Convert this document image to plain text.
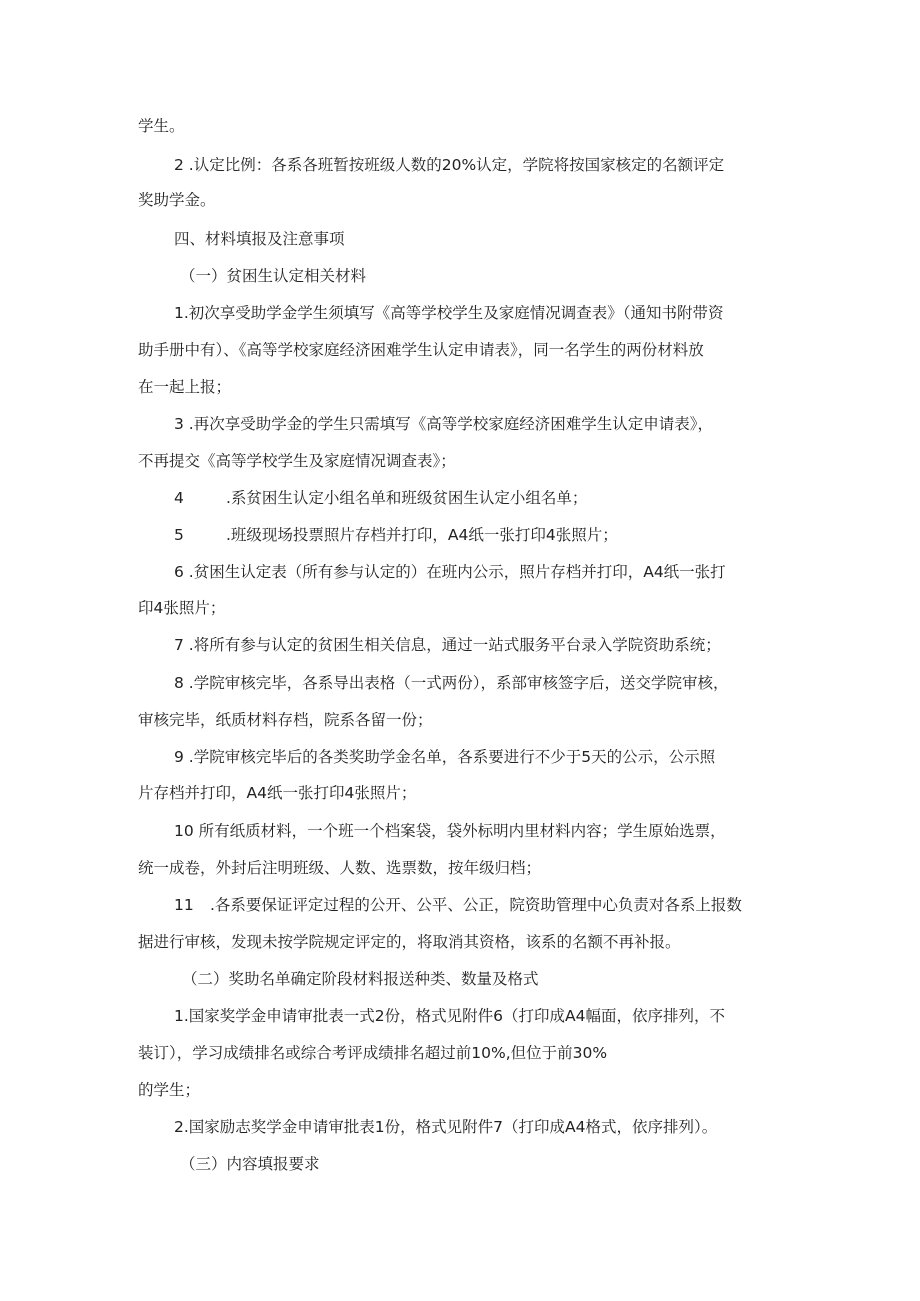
学生。
2 .认定比例：各系各班暂按班级人数的20%认定，学院将按国家核定的名额评定
奖助学金。
四、材料填报及注意事项
（一）贫困生认定相关材料
1.初次享受助学金学生须填写《高等学校学生及家庭情况调查表》（通知书附带资
助手册中有）、《高等学校家庭经济困难学生认定申请表》，同一名学生的两份材料放
在一起上报；
3 .再次享受助学金的学生只需填写《高等学校家庭经济困难学生认定申请表》，
不再提交《高等学校学生及家庭情况调查表》；
4	.系贫困生认定小组名单和班级贫困生认定小组名单；
5	.班级现场投票照片存档并打印，A4纸一张打印4张照片；
6 .贫困生认定表（所有参与认定的）在班内公示，照片存档并打印，A4纸一张打
印4张照片；
7 .将所有参与认定的贫困生相关信息，通过一站式服务平台录入学院资助系统；
8 .学院审核完毕，各系导出表格（一式两份），系部审核签字后，送交学院审核，
审核完毕，纸质材料存档，院系各留一份；
9 .学院审核完毕后的各类奖助学金名单，各系要进行不少于5天的公示，公示照
片存档并打印，A4纸一张打印4张照片；
10 所有纸质材料，一个班一个档案袋，袋外标明内里材料内容；学生原始选票，
统一成卷，外封后注明班级、人数、选票数，按年级归档；
11 .各系要保证评定过程的公开、公平、公正，院资助管理中心负责对各系上报数
据进行审核，发现未按学院规定评定的，将取消其资格，该系的名额不再补报。
（二）奖助名单确定阶段材料报送种类、数量及格式
1.国家奖学金申请审批表一式2份，格式见附件6（打印成A4幅面，依序排列，不
装订），学习成绩排名或综合考评成绩排名超过前10%,但位于前30%
的学生；
2.国家励志奖学金申请审批表1份，格式见附件7（打印成A4格式，依序排列）。
（三）内容填报要求
